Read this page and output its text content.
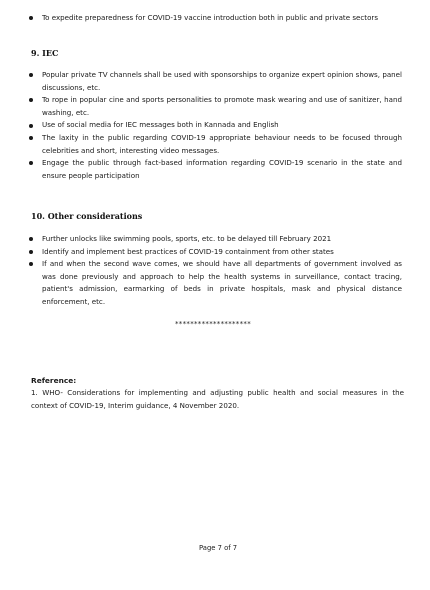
To expedite preparedness for COVID-19 vaccine introduction both in public and private sectors
9. IEC
Popular private TV channels shall be used with sponsorships to organize expert opinion shows, panel discussions, etc.
To rope in popular cine and sports personalities to promote mask wearing and use of sanitizer, hand washing, etc.
Use of social media for IEC messages both in Kannada and English
The laxity in the public regarding COVID-19 appropriate behaviour needs to be focused through celebrities and short, interesting video messages.
Engage the public through fact-based information regarding COVID-19 scenario in the state and ensure people participation
10. Other considerations
Further unlocks like swimming pools, sports, etc. to be delayed till February 2021
Identify and implement best practices of COVID-19 containment from other states
If and when the second wave comes, we should have all departments of government involved as was done previously and approach to help the health systems in surveillance, contact tracing, patient's admission, earmarking of beds in private hospitals, mask and physical distance enforcement, etc.
********************
Reference:
1. WHO- Considerations for implementing and adjusting public health and social measures in the context of COVID-19, Interim guidance, 4 November 2020.
Page 7 of 7
